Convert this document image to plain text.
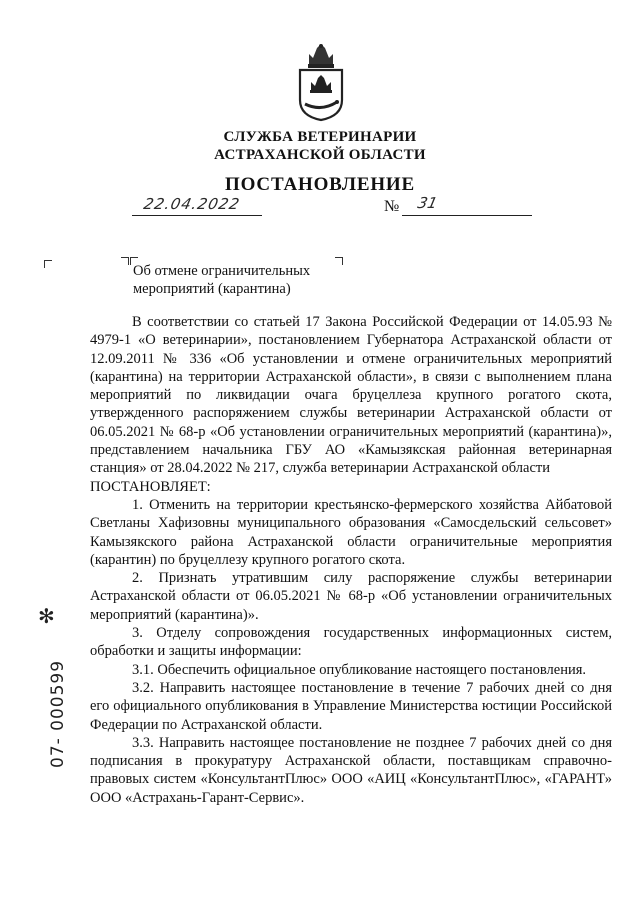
СЛУЖБА ВЕТЕРИНАРИИ
АСТРАХАНСКОЙ ОБЛАСТИ
ПОСТАНОВЛЕНИЕ
22.04.2022	№ 31
Об отмене ограничительных
мероприятий (карантина)

В соответствии со статьей 17 Закона Российской Федерации от 14.05.93 № 4979-1 «О ветеринарии», постановлением Губернатора Астраханской области от 12.09.2011 № 336 «Об установлении и отмене ограничительных мероприятий (карантина) на территории Астраханской области», в связи с выполнением плана мероприятий по ликвидации очага бруцеллеза крупного рогатого скота, утвержденного распоряжением службы ветеринарии Астраханской области от 06.05.2021 № 68-р «Об установлении ограничительных мероприятий (карантина)», представлением начальника ГБУ АО «Камызякская районная ветеринарная станция» от 28.04.2022 № 217, служба ветеринарии Астраханской области

ПОСТАНОВЛЯЕТ:

1. Отменить на территории крестьянско-фермерского хозяйства Айбатовой Светланы Хафизовны муниципального образования «Самосдельский сельсовет» Камызякского района Астраханской области ограничительные мероприятия (карантин) по бруцеллезу крупного рогатого скота.

2. Признать утратившим силу распоряжение службы ветеринарии Астраханской области от 06.05.2021 № 68-р «Об установлении ограничительных мероприятий (карантина)».

3. Отделу сопровождения государственных информационных систем, обработки и защиты информации:

3.1. Обеспечить официальное опубликование настоящего постановления.

3.2. Направить настоящее постановление в течение 7 рабочих дней со дня его официального опубликования в Управление Министерства юстиции Российской Федерации по Астраханской области.

3.3. Направить настоящее постановление не позднее 7 рабочих дней со дня подписания в прокуратуру Астраханской области, поставщикам справочно-правовых систем «КонсультантПлюс» ООО «АИЦ «КонсультантПлюс», «ГАРАНТ» ООО «Астрахань-Гарант-Сервис».

✻
07- 000599
